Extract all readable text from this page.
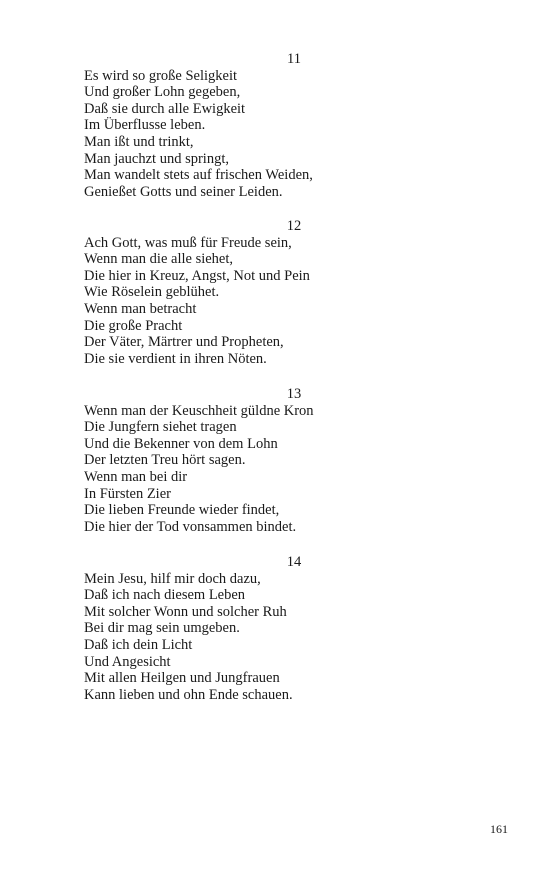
11
Es wird so große Seligkeit
Und großer Lohn gegeben,
Daß sie durch alle Ewigkeit
Im Überflusse leben.
Man ißt und trinkt,
Man jauchzt und springt,
Man wandelt stets auf frischen Weiden,
Genießet Gotts und seiner Leiden.
12
Ach Gott, was muß für Freude sein,
Wenn man die alle siehet,
Die hier in Kreuz, Angst, Not und Pein
Wie Röselein geblühet.
Wenn man betracht
Die große Pracht
Der Väter, Märtrer und Propheten,
Die sie verdient in ihren Nöten.
13
Wenn man der Keuschheit güldne Kron
Die Jungfern siehet tragen
Und die Bekenner von dem Lohn
Der letzten Treu hört sagen.
Wenn man bei dir
In Fürsten Zier
Die lieben Freunde wieder findet,
Die hier der Tod vonsammen bindet.
14
Mein Jesu, hilf mir doch dazu,
Daß ich nach diesem Leben
Mit solcher Wonn und solcher Ruh
Bei dir mag sein umgeben.
Daß ich dein Licht
Und Angesicht
Mit allen Heilgen und Jungfrauen
Kann lieben und ohn Ende schauen.
161
